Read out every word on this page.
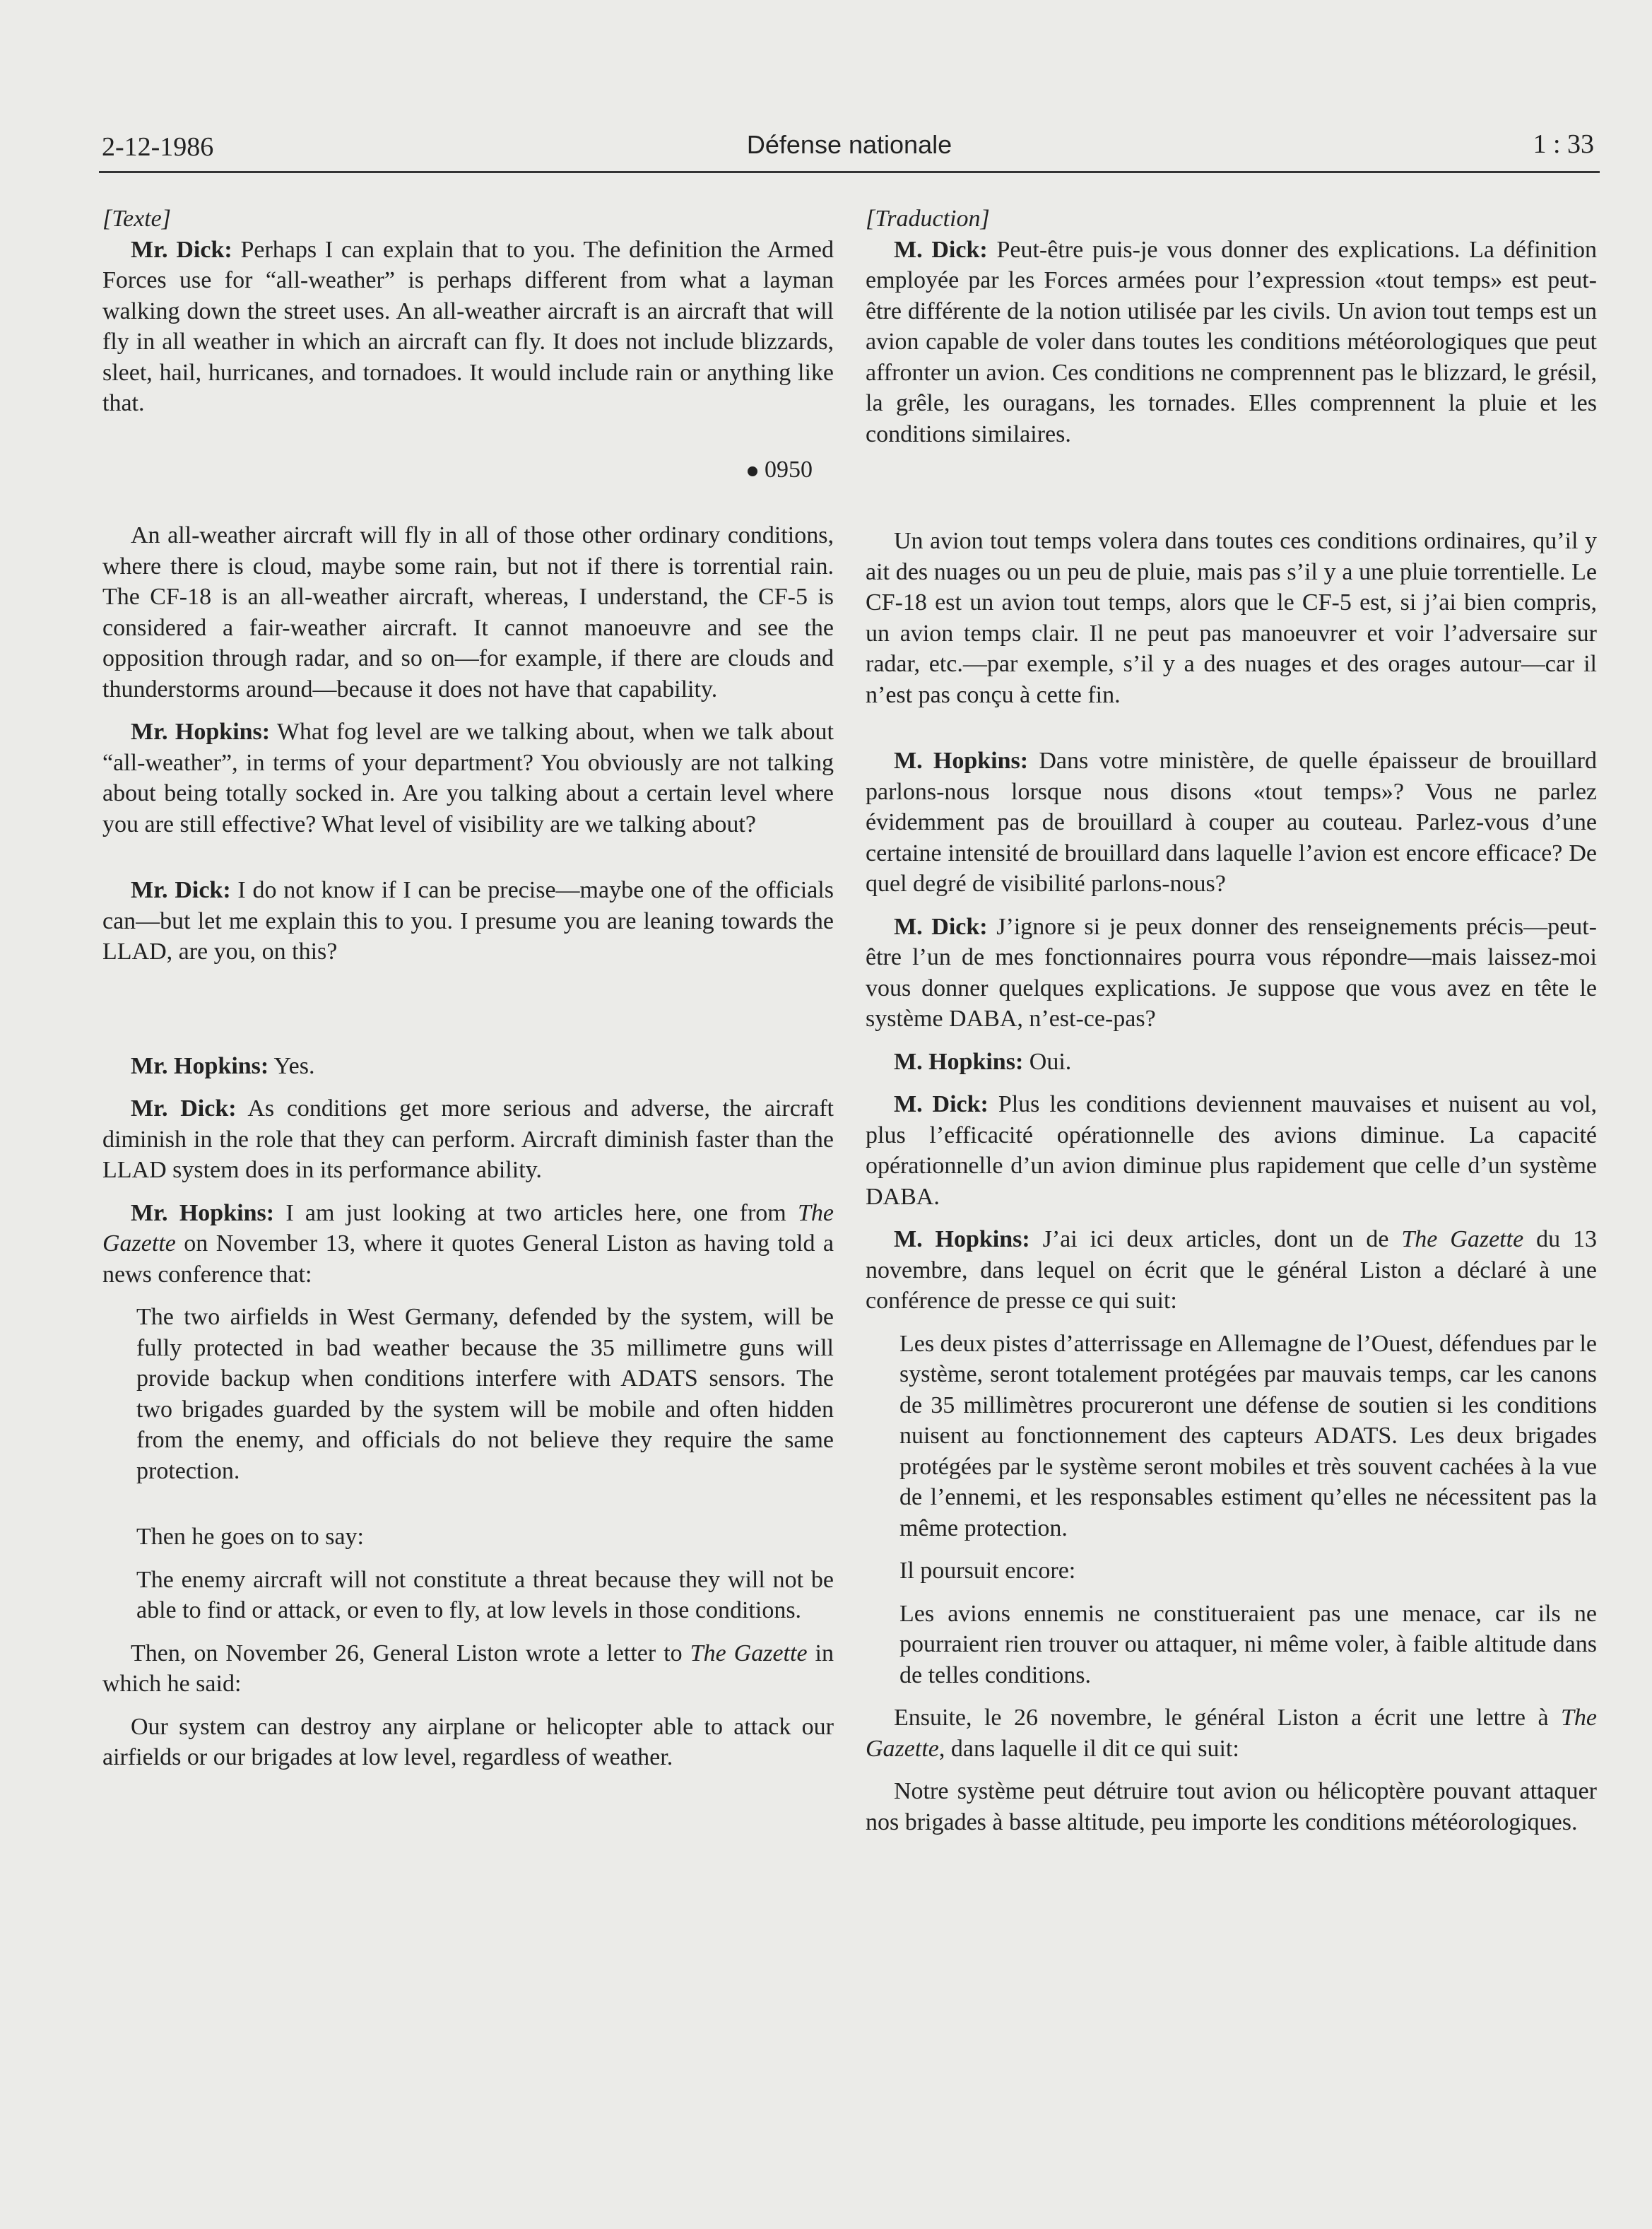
2-12-1986	Défense nationale	1 : 33

[Texte]

Mr. Dick: Perhaps I can explain that to you. The definition the Armed Forces use for “all-weather” is perhaps different from what a layman walking down the street uses. An all-weather aircraft is an aircraft that will fly in all weather in which an aircraft can fly. It does not include blizzards, sleet, hail, hurricanes, and tornadoes. It would include rain or anything like that.

0950

An all-weather aircraft will fly in all of those other ordinary conditions, where there is cloud, maybe some rain, but not if there is torrential rain. The CF-18 is an all-weather aircraft, whereas, I understand, the CF-5 is considered a fair-weather aircraft. It cannot manoeuvre and see the opposition through radar, and so on—for example, if there are clouds and thunderstorms around—because it does not have that capability.

Mr. Hopkins: What fog level are we talking about, when we talk about “all-weather”, in terms of your department? You obviously are not talking about being totally socked in. Are you talking about a certain level where you are still effective? What level of visibility are we talking about?

Mr. Dick: I do not know if I can be precise—maybe one of the officials can—but let me explain this to you. I presume you are leaning towards the LLAD, are you, on this?

Mr. Hopkins: Yes.

Mr. Dick: As conditions get more serious and adverse, the aircraft diminish in the role that they can perform. Aircraft diminish faster than the LLAD system does in its performance ability.

Mr. Hopkins: I am just looking at two articles here, one from The Gazette on November 13, where it quotes General Liston as having told a news conference that:

The two airfields in West Germany, defended by the system, will be fully protected in bad weather because the 35 millimetre guns will provide backup when conditions interfere with ADATS sensors. The two brigades guarded by the system will be mobile and often hidden from the enemy, and officials do not believe they require the same protection.

Then he goes on to say:

The enemy aircraft will not constitute a threat because they will not be able to find or attack, or even to fly, at low levels in those conditions.

Then, on November 26, General Liston wrote a letter to The Gazette in which he said:

Our system can destroy any airplane or helicopter able to attack our airfields or our brigades at low level, regardless of weather.

[Traduction]

M. Dick: Peut-être puis-je vous donner des explications. La définition employée par les Forces armées pour l’expression «tout temps» est peut-être différente de la notion utilisée par les civils. Un avion tout temps est un avion capable de voler dans toutes les conditions météorologiques que peut affronter un avion. Ces conditions ne comprennent pas le blizzard, le grésil, la grêle, les ouragans, les tornades. Elles comprennent la pluie et les conditions similaires.

Un avion tout temps volera dans toutes ces conditions ordinaires, qu’il y ait des nuages ou un peu de pluie, mais pas s’il y a une pluie torrentielle. Le CF-18 est un avion tout temps, alors que le CF-5 est, si j’ai bien compris, un avion temps clair. Il ne peut pas manoeuvrer et voir l’adversaire sur radar, etc.—par exemple, s’il y a des nuages et des orages autour—car il n’est pas conçu à cette fin.

M. Hopkins: Dans votre ministère, de quelle épaisseur de brouillard parlons-nous lorsque nous disons «tout temps»? Vous ne parlez évidemment pas de brouillard à couper au couteau. Parlez-vous d’une certaine intensité de brouillard dans laquelle l’avion est encore efficace? De quel degré de visibilité parlons-nous?

M. Dick: J’ignore si je peux donner des renseignements précis—peut-être l’un de mes fonctionnaires pourra vous répondre—mais laissez-moi vous donner quelques explications. Je suppose que vous avez en tête le système DABA, n’est-ce-pas?

M. Hopkins: Oui.

M. Dick: Plus les conditions deviennent mauvaises et nuisent au vol, plus l’efficacité opérationnelle des avions diminue. La capacité opérationnelle d’un avion diminue plus rapidement que celle d’un système DABA.

M. Hopkins: J’ai ici deux articles, dont un de The Gazette du 13 novembre, dans lequel on écrit que le général Liston a déclaré à une conférence de presse ce qui suit:

Les deux pistes d’atterrissage en Allemagne de l’Ouest, défendues par le système, seront totalement protégées par mauvais temps, car les canons de 35 millimètres procureront une défense de soutien si les conditions nuisent au fonctionnement des capteurs ADATS. Les deux brigades protégées par le système seront mobiles et très souvent cachées à la vue de l’ennemi, et les responsables estiment qu’elles ne nécessitent pas la même protection.

Il poursuit encore:

Les avions ennemis ne constitueraient pas une menace, car ils ne pourraient rien trouver ou attaquer, ni même voler, à faible altitude dans de telles conditions.

Ensuite, le 26 novembre, le général Liston a écrit une lettre à The Gazette, dans laquelle il dit ce qui suit:

Notre système peut détruire tout avion ou hélicoptère pouvant attaquer nos brigades à basse altitude, peu importe les conditions météorologiques.
